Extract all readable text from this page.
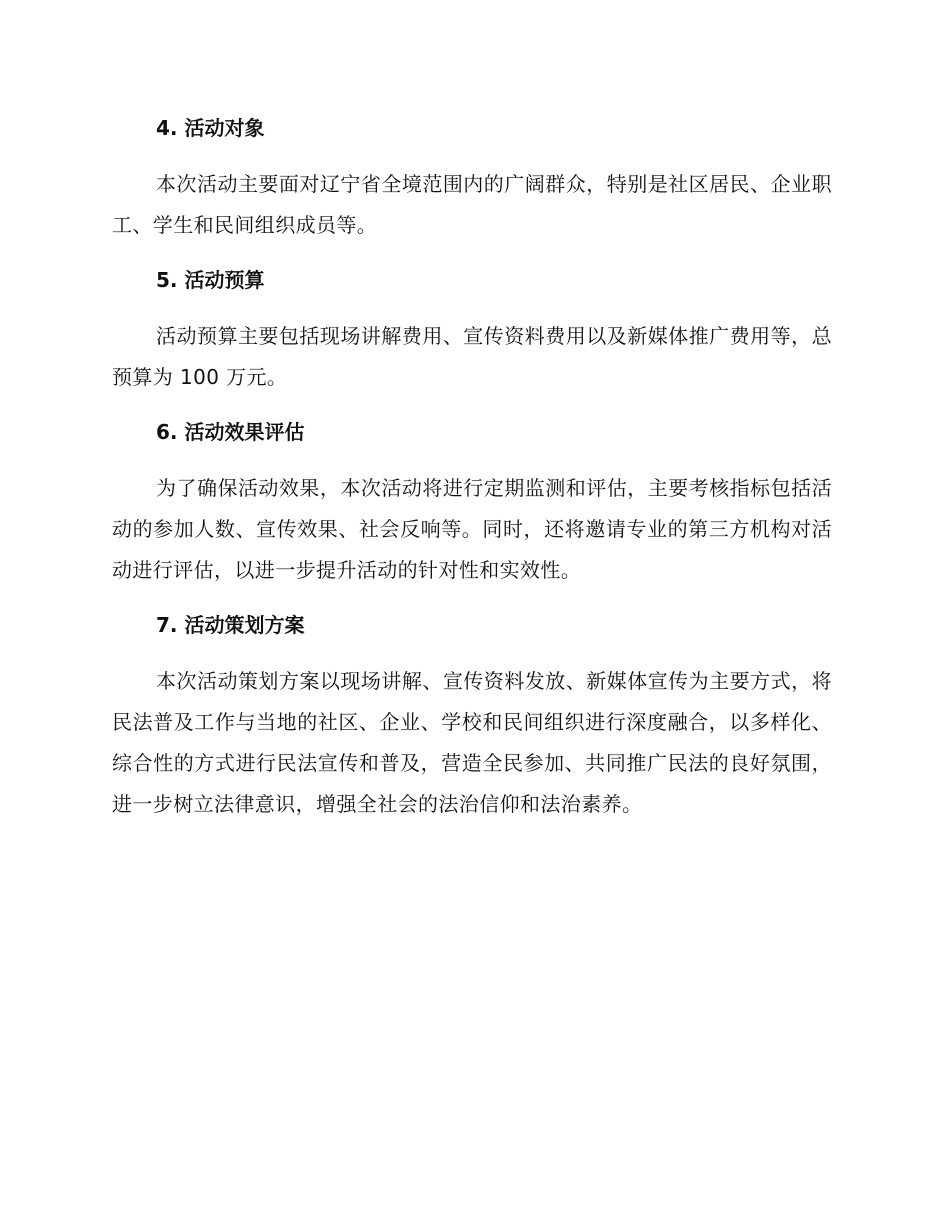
4. 活动对象

本次活动主要面对辽宁省全境范围内的广阔群众，特别是社区居民、企业职工、学生和民间组织成员等。

5. 活动预算

活动预算主要包括现场讲解费用、宣传资料费用以及新媒体推广费用等，总预算为 100 万元。

6. 活动效果评估

为了确保活动效果，本次活动将进行定期监测和评估，主要考核指标包括活动的参加人数、宣传效果、社会反响等。同时，还将邀请专业的第三方机构对活动进行评估，以进一步提升活动的针对性和实效性。

7. 活动策划方案

本次活动策划方案以现场讲解、宣传资料发放、新媒体宣传为主要方式，将民法普及工作与当地的社区、企业、学校和民间组织进行深度融合，以多样化、综合性的方式进行民法宣传和普及，营造全民参加、共同推广民法的良好氛围，进一步树立法律意识，增强全社会的法治信仰和法治素养。
